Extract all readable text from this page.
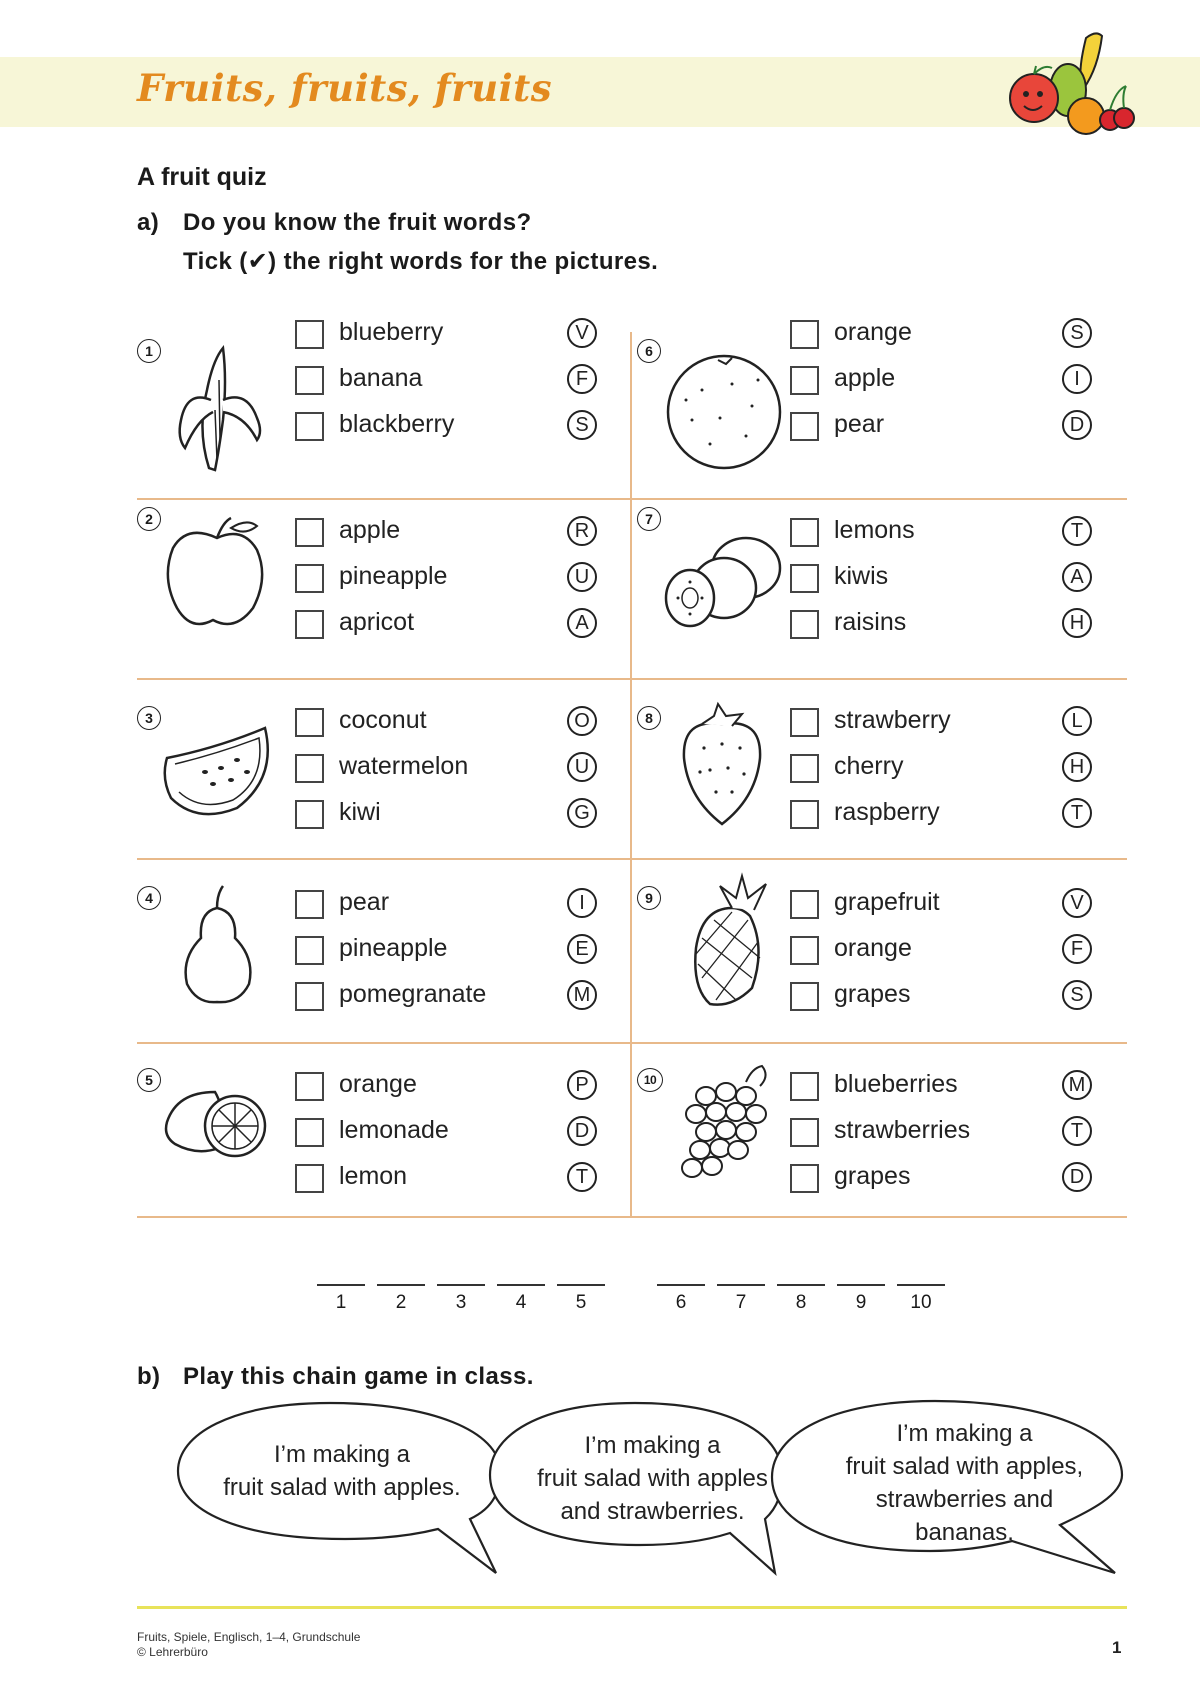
Fruits, fruits, fruits
A fruit quiz
a) Do you know the fruit words?
Tick (✔) the right words for the pictures.
1
blueberry	V
banana	F
blackberry	S
2	apple	R
pineapple	U
apricot	A
3	coconut	O
watermelon	U
kiwi	G
4	pear	I
pineapple	E
pomegranate	M
5	orange	P
lemonade	D
lemon	T
6
orange	S
apple	I
pear	D
7	lemons	T
kiwis	A
raisins	H
8	strawberry	L
cherry	H
raspberry	T
9	grapefruit	V
orange	F
grapes	S
10	blueberries	M
strawberries	T
grapes	D
1	2	3	4	5	6	7	8	9	10
b) Play this chain game in class.
I’m making a
fruit salad with apples.
I’m making a
fruit salad with apples
and strawberries.
I’m making a
fruit salad with apples,
strawberries and
bananas.
Fruits, Spiele, Englisch, 1–4, Grundschule
© Lehrerbüro	1
